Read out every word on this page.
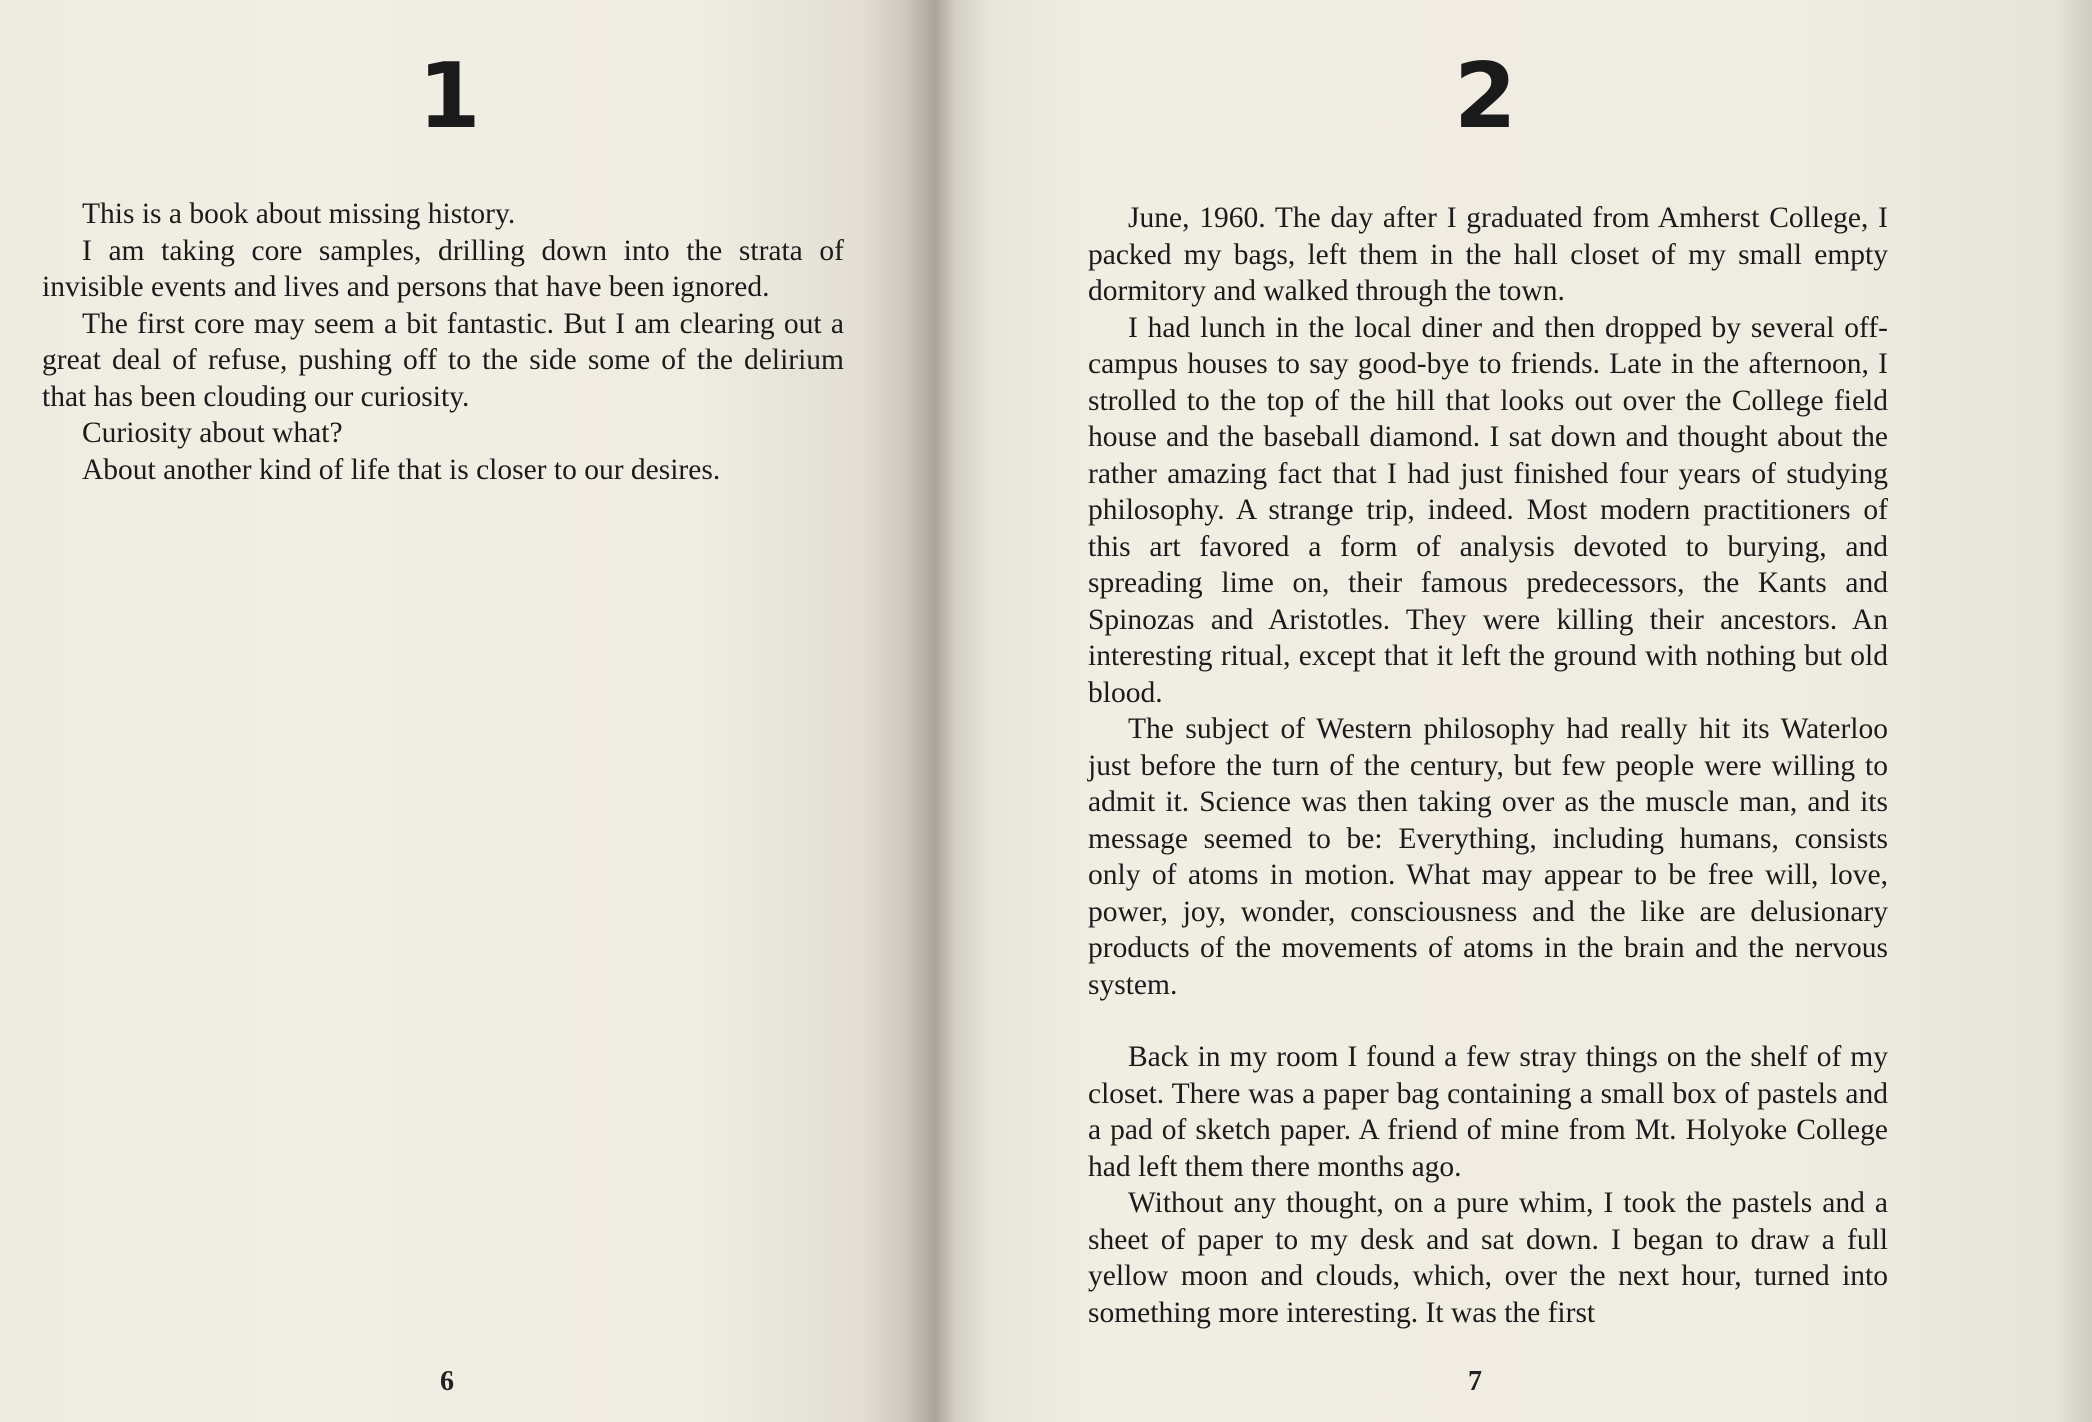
1

This is a book about missing history.

I am taking core samples, drilling down into the strata of invisible events and lives and persons that have been ignored.

The first core may seem a bit fantastic. But I am clearing out a great deal of refuse, pushing off to the side some of the delirium that has been clouding our curiosity.

Curiosity about what?

About another kind of life that is closer to our desires.

6
2

June, 1960. The day after I graduated from Amherst College, I packed my bags, left them in the hall closet of my small empty dormitory and walked through the town.

I had lunch in the local diner and then dropped by several off-campus houses to say good-bye to friends. Late in the afternoon, I strolled to the top of the hill that looks out over the College field house and the baseball diamond. I sat down and thought about the rather amazing fact that I had just finished four years of studying philosophy. A strange trip, indeed. Most modern practitioners of this art favored a form of analysis devoted to burying, and spreading lime on, their famous predecessors, the Kants and Spinozas and Aristotles. They were killing their ancestors. An interesting ritual, except that it left the ground with nothing but old blood.

The subject of Western philosophy had really hit its Waterloo just before the turn of the century, but few people were willing to admit it. Science was then taking over as the muscle man, and its message seemed to be: Everything, including humans, consists only of atoms in motion. What may appear to be free will, love, power, joy, wonder, consciousness and the like are delusionary products of the movements of atoms in the brain and the nervous system.

Back in my room I found a few stray things on the shelf of my closet. There was a paper bag containing a small box of pastels and a pad of sketch paper. A friend of mine from Mt. Holyoke College had left them there months ago.

Without any thought, on a pure whim, I took the pastels and a sheet of paper to my desk and sat down. I began to draw a full yellow moon and clouds, which, over the next hour, turned into something more interesting. It was the first

7
